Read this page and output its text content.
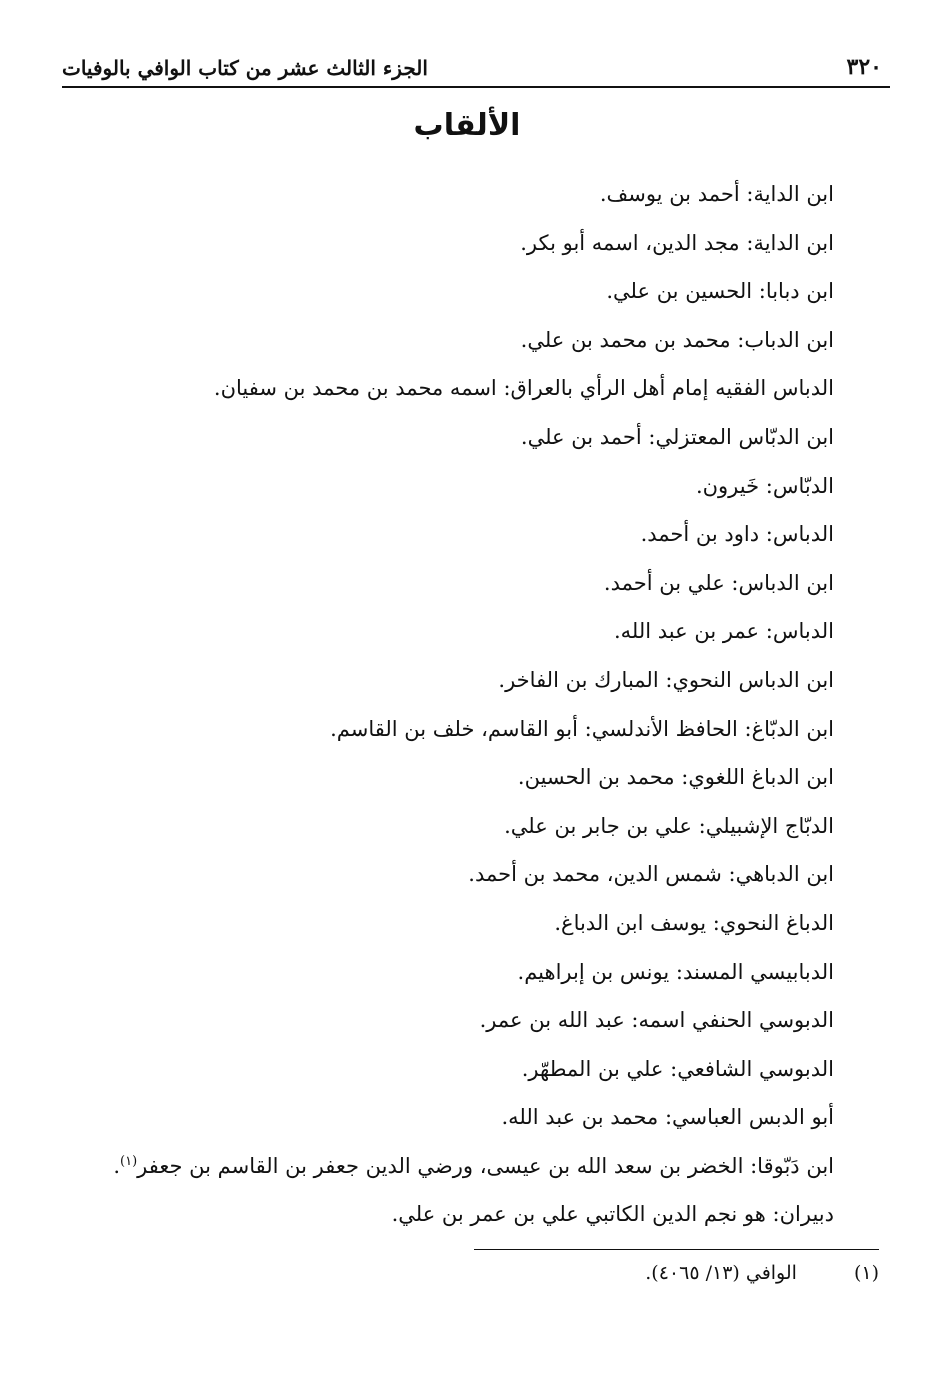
٣٢٠
الجزء الثالث عشر من كتاب الوافي بالوفيات
الألقاب
ابن الداية: أحمد بن يوسف.
ابن الداية: مجد الدين، اسمه أبو بكر.
ابن دبابا: الحسين بن علي.
ابن الدباب: محمد بن محمد بن علي.
الدباس الفقيه إمام أهل الرأي بالعراق: اسمه محمد بن محمد بن سفيان.
ابن الدبّاس المعتزلي: أحمد بن علي.
الدبّاس: خَيرون.
الدباس: داود بن أحمد.
ابن الدباس: علي بن أحمد.
الدباس: عمر بن عبد الله.
ابن الدباس النحوي: المبارك بن الفاخر.
ابن الدبّاغ: الحافظ الأندلسي: أبو القاسم، خلف بن القاسم.
ابن الدباغ اللغوي: محمد بن الحسين.
الدبّاج الإشبيلي: علي بن جابر بن علي.
ابن الدباهي: شمس الدين، محمد بن أحمد.
الدباغ النحوي: يوسف ابن الدباغ.
الدبابيسي المسند: يونس بن إبراهيم.
الدبوسي الحنفي اسمه: عبد الله بن عمر.
الدبوسي الشافعي: علي بن المطهّر.
أبو الدبس العباسي: محمد بن عبد الله.
ابن دَبّوقا: الخضر بن سعد الله بن عيسى، ورضي الدين جعفر بن القاسم بن جعفر$^{(١)}$.
دبيران: هو نجم الدين الكاتبي علي بن عمر بن علي.
(١) الوافي (١٣/ ٤٠٦٥).
